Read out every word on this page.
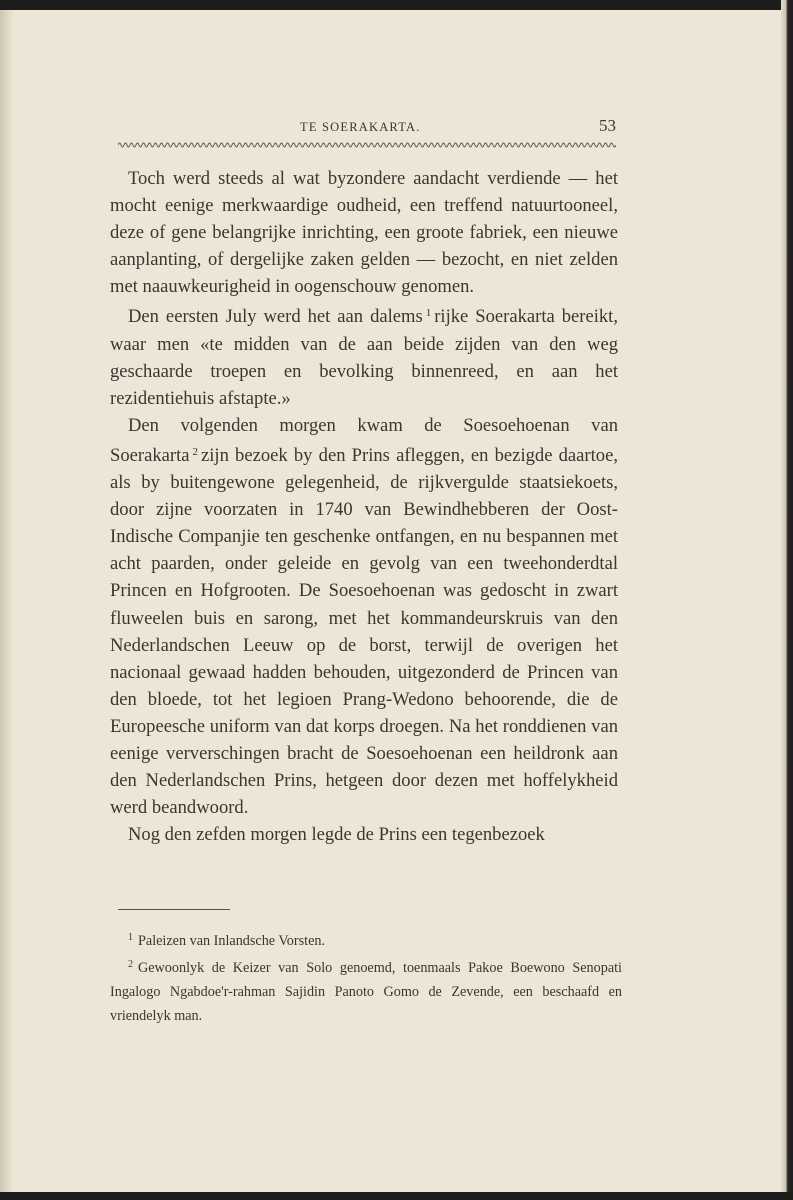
TE SOERAKARTA.	53

Toch werd steeds al wat byzondere aandacht verdiende — het mocht eenige merkwaardige oudheid, een treffend natuurtooneel, deze of gene belangrijke inrichting, een groote fabriek, een nieuwe aanplanting, of dergelijke zaken gelden — bezocht, en niet zelden met naauwkeurigheid in oogenschouw genomen.

Den eersten July werd het aan dalems $^1$ rijke Soerakarta bereikt, waar men «te midden van de aan beide zijden van den weg geschaarde troepen en bevolking binnenreed, en aan het rezidentiehuis afstapte.»

Den volgenden morgen kwam de Soesoehoenan van Soerakarta $^2$ zijn bezoek by den Prins afleggen, en bezigde daartoe, als by buitengewone gelegenheid, de rijkvergulde staatsiekoets, door zijne voorzaten in 1740 van Bewindhebberen der Oost-Indische Companjie ten geschenke ontfangen, en nu bespannen met acht paarden, onder geleide en gevolg van een tweehonderdtal Princen en Hofgrooten. De Soesoehoenan was gedoscht in zwart fluweelen buis en sarong, met het kommandeurskruis van den Nederlandschen Leeuw op de borst, terwijl de overigen het nacionaal gewaad hadden behouden, uitgezonderd de Princen van den bloede, tot het legioen Prang-Wedono behoorende, die de Europeesche uniform van dat korps droegen. Na het ronddienen van eenige ververschingen bracht de Soesoehoenan een heildronk aan den Nederlandschen Prins, hetgeen door dezen met hoffelykheid werd beandwoord.

Nog den zefden morgen legde de Prins een tegenbezoek

$^1$ Paleizen van Inlandsche Vorsten.

$^2$ Gewoonlyk de Keizer van Solo genoemd, toenmaals Pakoe Boewono Senopati Ingalogo Ngabdoe'r-rahman Sajidin Panoto Gomo de Zevende, een beschaafd en vriendelyk man.
